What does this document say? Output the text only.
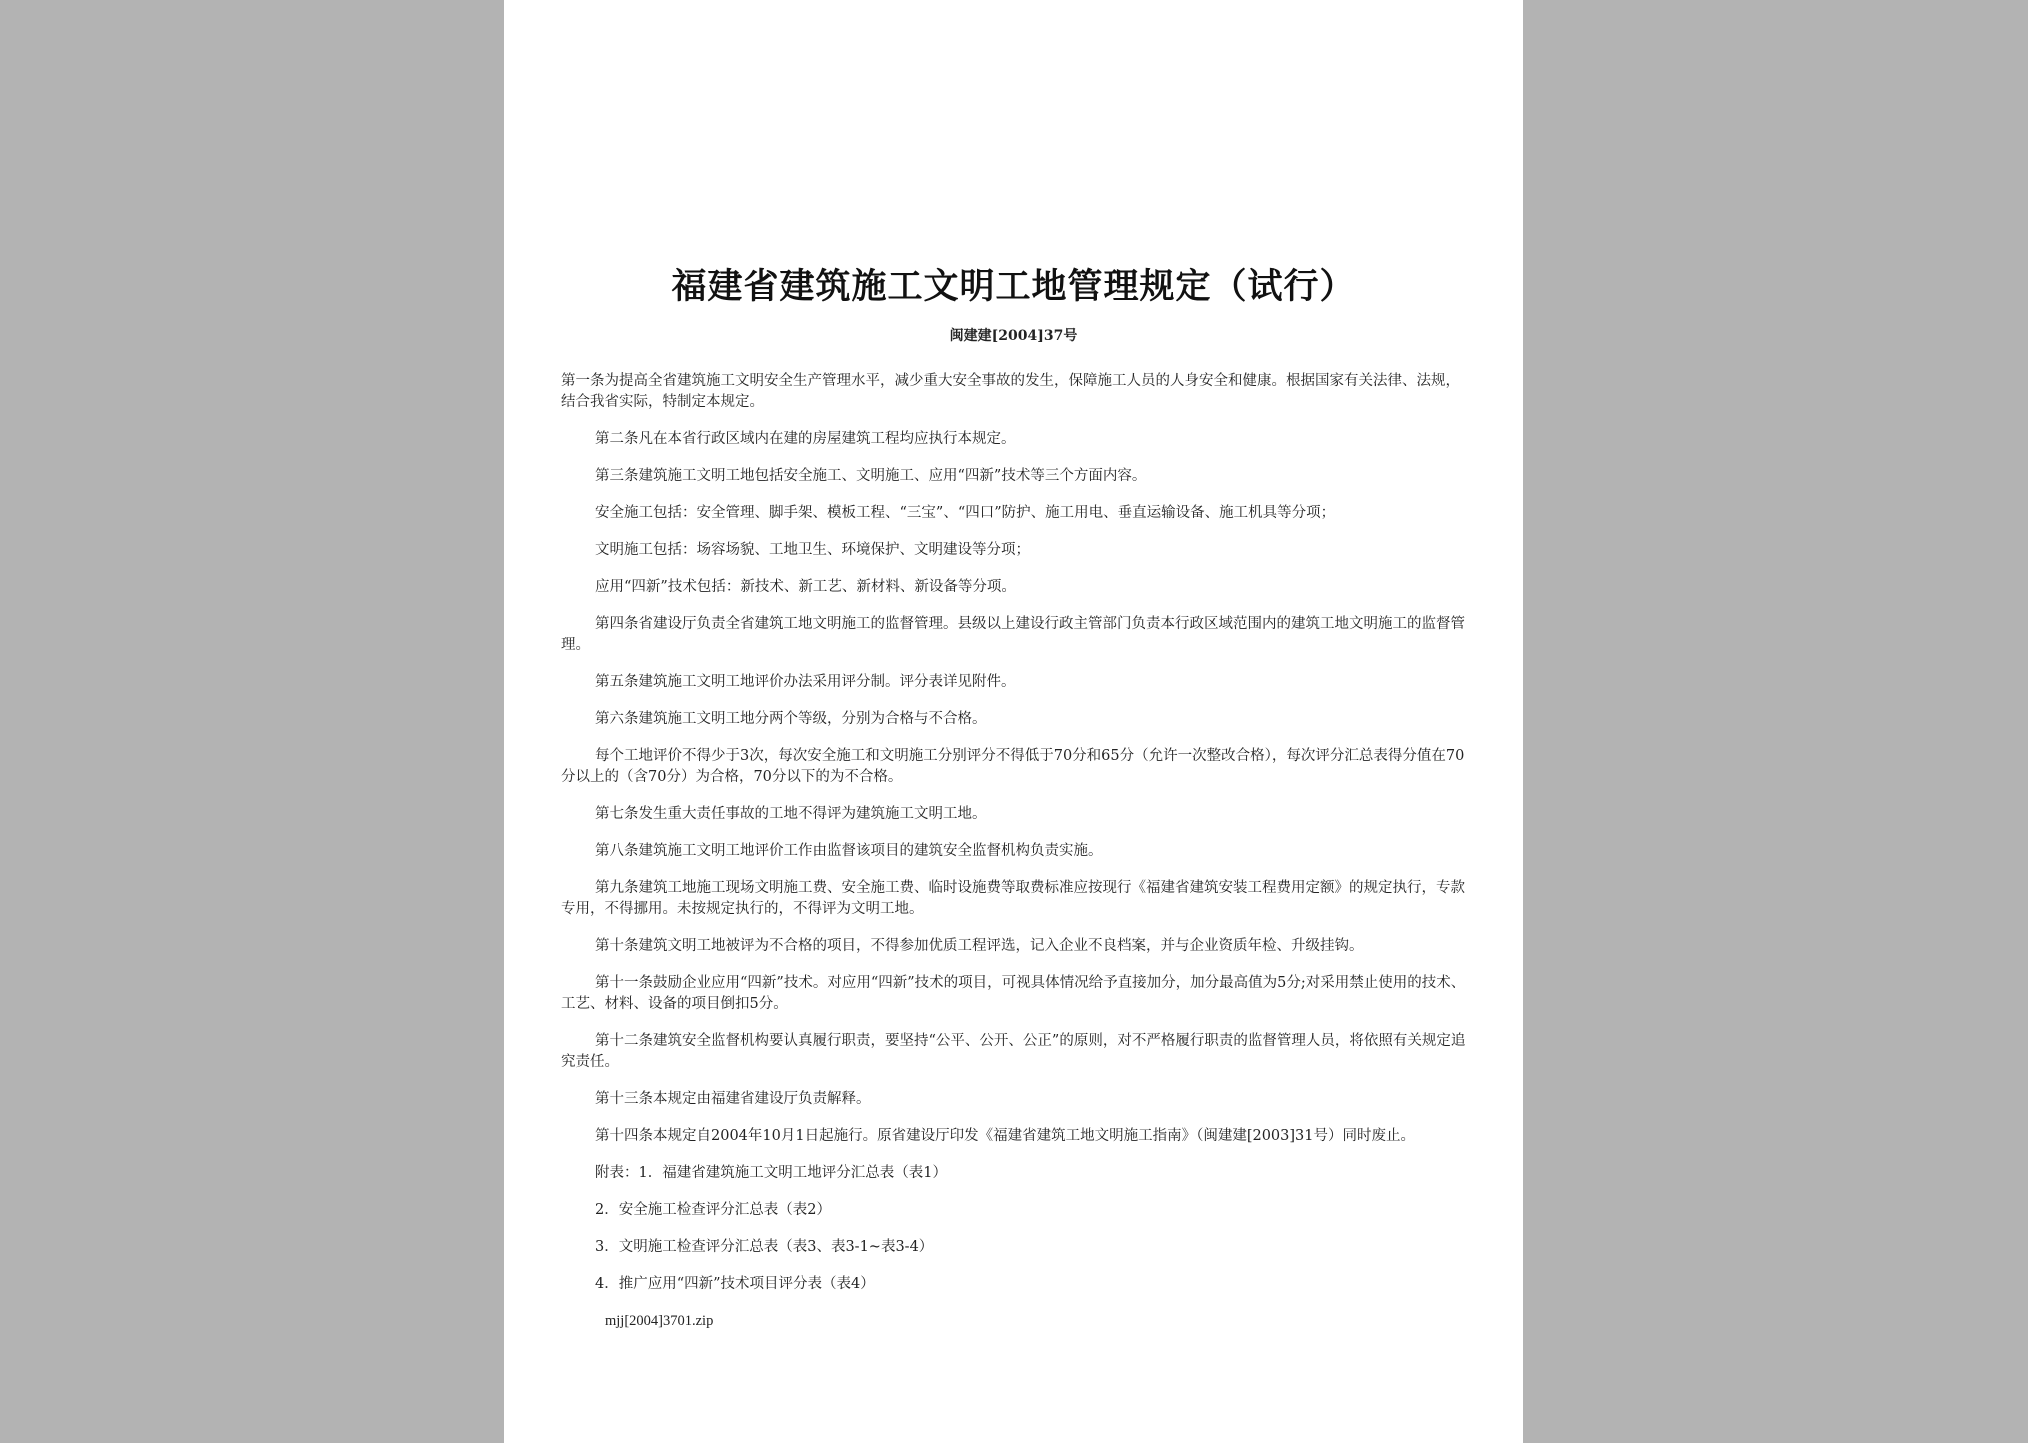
福建省建筑施工文明工地管理规定（试行）
闽建建[2004]37号

第一条为提高全省建筑施工文明安全生产管理水平，减少重大安全事故的发生，保障施工人员的人身安全和健康。根据国家有关法律、法规，结合我省实际，特制定本规定。

第二条凡在本省行政区域内在建的房屋建筑工程均应执行本规定。

第三条建筑施工文明工地包括安全施工、文明施工、应用“四新”技术等三个方面内容。

安全施工包括：安全管理、脚手架、模板工程、“三宝”、“四口”防护、施工用电、垂直运输设备、施工机具等分项；

文明施工包括：场容场貌、工地卫生、环境保护、文明建设等分项；

应用“四新”技术包括：新技术、新工艺、新材料、新设备等分项。

第四条省建设厅负责全省建筑工地文明施工的监督管理。县级以上建设行政主管部门负责本行政区域范围内的建筑工地文明施工的监督管理。

第五条建筑施工文明工地评价办法采用评分制。评分表详见附件。

第六条建筑施工文明工地分两个等级，分别为合格与不合格。

每个工地评价不得少于3次，每次安全施工和文明施工分别评分不得低于70分和65分（允许一次整改合格），每次评分汇总表得分值在70分以上的（含70分）为合格，70分以下的为不合格。

第七条发生重大责任事故的工地不得评为建筑施工文明工地。

第八条建筑施工文明工地评价工作由监督该项目的建筑安全监督机构负责实施。

第九条建筑工地施工现场文明施工费、安全施工费、临时设施费等取费标准应按现行《福建省建筑安装工程费用定额》的规定执行，专款专用，不得挪用。未按规定执行的，不得评为文明工地。

第十条建筑文明工地被评为不合格的项目，不得参加优质工程评选，记入企业不良档案，并与企业资质年检、升级挂钩。

第十一条鼓励企业应用“四新”技术。对应用“四新”技术的项目，可视具体情况给予直接加分，加分最高值为5分;对采用禁止使用的技术、工艺、材料、设备的项目倒扣5分。

第十二条建筑安全监督机构要认真履行职责，要坚持“公平、公开、公正”的原则，对不严格履行职责的监督管理人员，将依照有关规定追究责任。

第十三条本规定由福建省建设厅负责解释。

第十四条本规定自2004年10月1日起施行。原省建设厅印发《福建省建筑工地文明施工指南》（闽建建[2003]31号）同时废止。

附表：1．福建省建筑施工文明工地评分汇总表（表1）
2．安全施工检查评分汇总表（表2）
3．文明施工检查评分汇总表（表3、表3-1~表3-4）
4．推广应用“四新”技术项目评分表（表4）
mjj[2004]3701.zip
